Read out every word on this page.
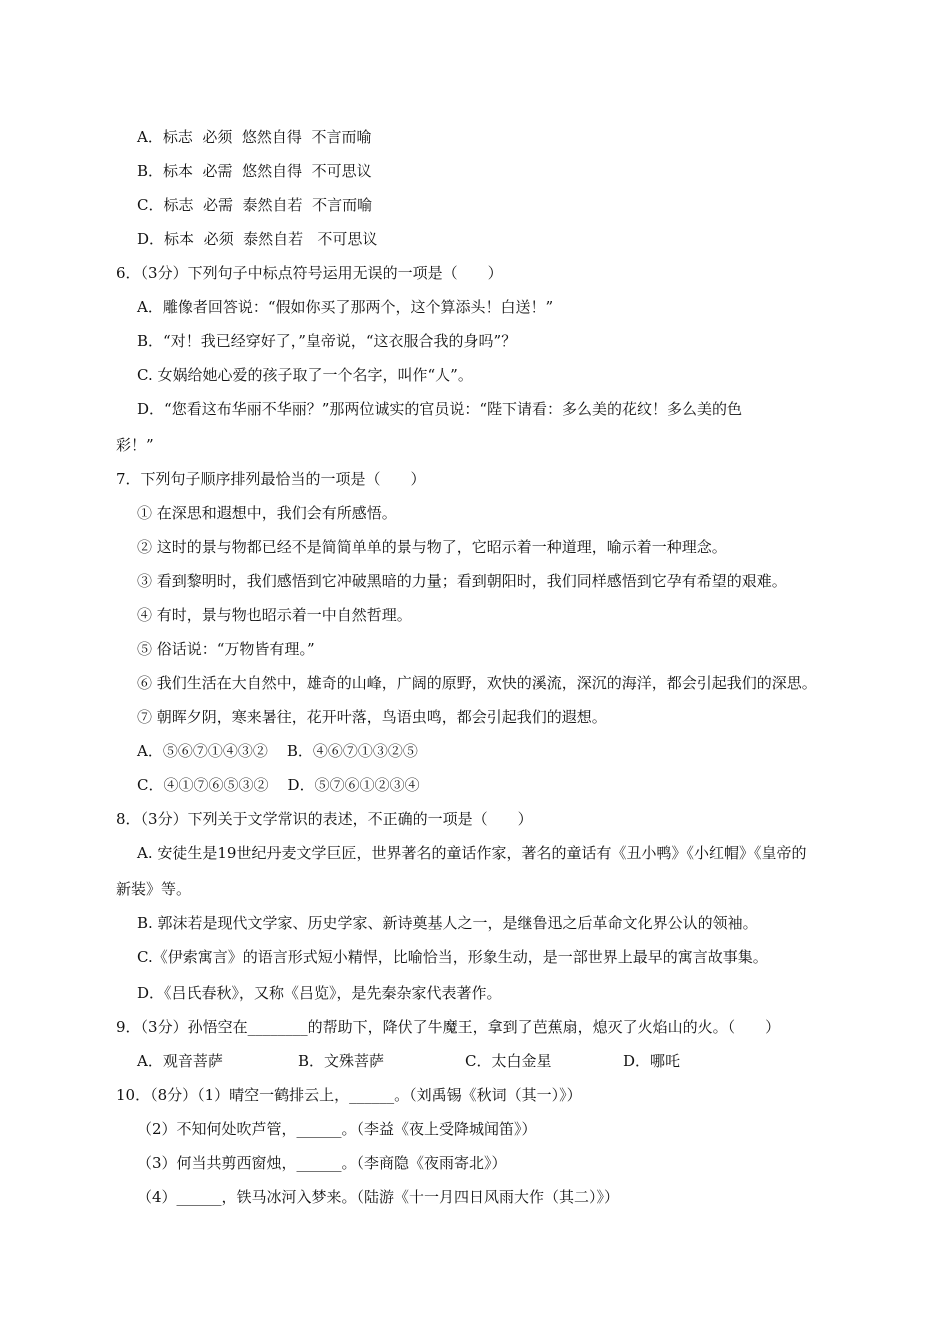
A．标志  必须  悠然自得  不言而喻
B．标本  必需  悠然自得  不可思议
C．标志  必需  泰然自若  不言而喻
D．标本  必须  泰然自若   不可思议
6．（3分）下列句子中标点符号运用无误的一项是（　　）
A．雕像者回答说：“假如你买了那两个，这个算添头！白送！”
B．“对！我已经穿好了，”皇帝说，“这衣服合我的身吗”？
C. 女娲给她心爱的孩子取了一个名字，叫作“人”。
D．“您看这布华丽不华丽？”那两位诚实的官员说：“陛下请看：多么美的花纹！多么美的色
彩！”
7．下列句子顺序排列最恰当的一项是（　　）
① 在深思和遐想中，我们会有所感悟。
② 这时的景与物都已经不是简简单单的景与物了，它昭示着一种道理，喻示着一种理念。
③ 看到黎明时，我们感悟到它冲破黑暗的力量；看到朝阳时，我们同样感悟到它孕有希望的艰难。
④ 有时，景与物也昭示着一中自然哲理。
⑤ 俗话说：“万物皆有理。”
⑥ 我们生活在大自然中，雄奇的山峰，广阔的原野，欢快的溪流，深沉的海洋，都会引起我们的深思。
⑦ 朝晖夕阴，寒来暑往，花开叶落，鸟语虫鸣，都会引起我们的遐想。
A．⑤⑥⑦①④③②    B．④⑥⑦①③②⑤
C．④①⑦⑥⑤③②    D．⑤⑦⑥①②③④
8．（3分）下列关于文学常识的表述，不正确的一项是（　　）
A. 安徒生是19世纪丹麦文学巨匠，世界著名的童话作家，著名的童话有《丑小鸭》《小红帽》《皇帝的
新装》等。
B. 郭沫若是现代文学家、历史学家、新诗奠基人之一，是继鲁迅之后革命文化界公认的领袖。
C.《伊索寓言》的语言形式短小精悍，比喻恰当，形象生动，是一部世界上最早的寓言故事集。
D．《吕氏春秋》，又称《吕览》，是先秦杂家代表著作。
9．（3分）孙悟空在________的帮助下，降伏了牛魔王，拿到了芭蕉扇，熄灭了火焰山的火。（　　）
A．观音菩萨	B．文殊菩萨	C．太白金星	D．哪吒
10．（8分）（1）晴空一鹤排云上，______。（刘禹锡《秋词（其一）》）
（2）不知何处吹芦管，______。（李益《夜上受降城闻笛》）
（3）何当共剪西窗烛，______。（李商隐《夜雨寄北》）
（4）______，铁马冰河入梦来。（陆游《十一月四日风雨大作（其二）》）
